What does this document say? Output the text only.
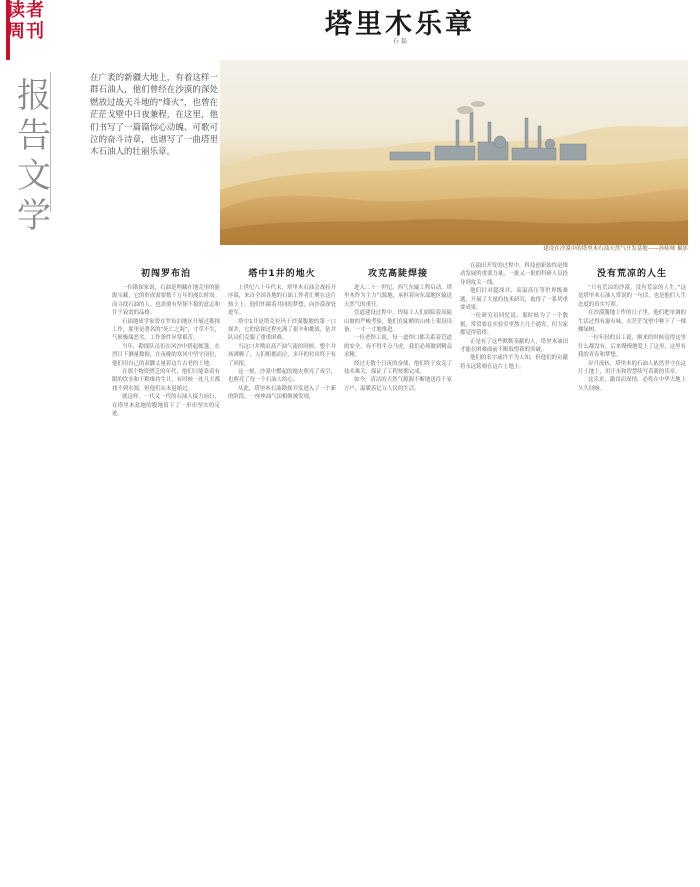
读者
周刊
报告文学
塔里木乐章
石 磊
在广袤的新疆大地上，有着这样一群石油人，他们曾经在沙漠的深处燃放过战天斗地的“烽火”，也曾在茫茫戈壁中日夜兼程，在这里，他们书写了一篇篇惊心动魄、可歌可泣的奋斗诗章，也谱写了一曲塔里木石油人的壮丽乐章。
建设在沙漠中的塔里木石油天然气开发基地——孙师师 摄影
初闯罗布泊

一位勘探家说，石油是埋藏在地壳里的能源宝藏，它的形成需要数千万年的漫长时间。而寻找石油的人，也需要有坚韧不拔的意志和甘于寂寞的品格。

石油地质学家曾在罗布泊地区开展过勘探工作，那里是著名的“死亡之海”，寸草不生，气候极端恶劣，工作条件异常艰苦。

当年，勘探队员们在风沙中搭起帐篷，在烈日下测量数据，在夜晚的寒风中坚守岗位，他们用自己的双脚丈量着这片古老的土地。

在那个物资匮乏的年代，他们只能靠着有限的饮水和干粮维持生计，有时候一连几天都找不到水源，但他们从未退缩过。

就这样，一代又一代的石油人接力前行，在塔里木盆地的腹地留下了一串串坚实的足迹。

塔中1井的地火

上世纪八十年代末，塔里木石油会战拉开序幕，来自全国各地的石油工作者汇聚在这片热土上，他们怀揣着共同的梦想，向沙漠深处进军。

塔中1井是塔克拉玛干沙漠腹地的第一口探井，它的钻探过程充满了艰辛和挑战，钻井队员们克服了重重困难。

当这口井喷出高产油气流的时候，整个井场沸腾了，人们相拥而泣，多年的付出终于有了回报。

这一刻，沙漠中燃起的地火照亮了夜空，也照亮了每一个石油人的心。

从此，塔里木石油勘探开发进入了一个新的阶段，一座座油气田相继被发现。

攻克高陡焊接

进入二十一世纪，西气东输工程启动，塔里木作为主力气源地，承担着向东部地区输送天然气的重任。

管道建设过程中，焊接工人们面临着高陡山坡的严峻考验，他们在陡峭的山体上架设设备，一寸一寸地推进。

一位老焊工说，每一道焊口都关系着管道的安全，容不得半点马虎，我们必须做到精益求精。

经过无数个日夜的奋战，他们终于攻克了技术难关，保证了工程按期完成。

如今，清洁的天然气源源不断地送往千家万户，温暖着亿万人民的生活。

在油田开发的过程中，科技创新始终是推动发展的重要力量，一批又一批的科研人员投身到攻关一线。

他们针对超深井、高温高压等世界级难题，开展了大量的技术研究，取得了一系列重要成果。

一位研究员回忆说，那时候为了一个数据，常常要在实验室里熬上几个通宵，但大家都觉得值得。

正是有了这些默默奉献的人，塔里木油田才能在困难面前不断取得新的突破。

他们的名字或许不为人知，但他们的贡献将永远铭刻在这片土地上。

没有荒凉的人生

“只有荒凉的沙漠，没有荒凉的人生。”这是塔里木石油人常说的一句话，也是他们人生态度的真实写照。

在沙漠腹地工作的日子里，他们把单调的生活过得有滋有味，在茫茫戈壁中种下了一棵棵绿树。

一位年轻的员工说，刚来的时候觉得这里什么都没有，后来慢慢地爱上了这里，这里有我的青春和梦想。

岁月流转，塔里木的石油人依然坚守在这片土地上，用汗水和智慧续写着新的乐章。

这乐章，激昂而深情，必将在中华大地上久久回响。
